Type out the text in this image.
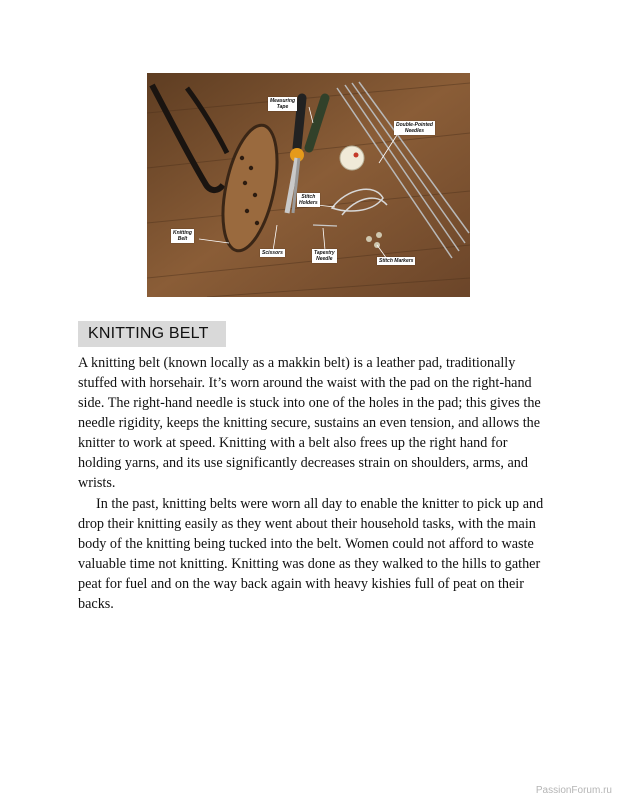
Measuring
Tape
Double-Pointed
Needles
Stitch
Holders
Knitting
Belt
Scissors	Tapestry
Needle	Stitch Markers
KNITTING BELT

A knitting belt (known locally as a makkin belt) is a leather pad, traditionally stuffed with horsehair. It’s worn around the waist with the pad on the right-hand side. The right-hand needle is stuck into one of the holes in the pad; this gives the needle rigidity, keeps the knitting secure, sustains an even tension, and allows the knitter to work at speed. Knitting with a belt also frees up the right hand for holding yarns, and its use significantly decreases strain on shoulders, arms, and wrists.

In the past, knitting belts were worn all day to enable the knitter to pick up and drop their knitting easily as they went about their household tasks, with the main body of the knitting being tucked into the belt. Women could not afford to waste valuable time not knitting. Knitting was done as they walked to the hills to gather peat for fuel and on the way back again with heavy kishies full of peat on their backs.

PassionForum.ru
